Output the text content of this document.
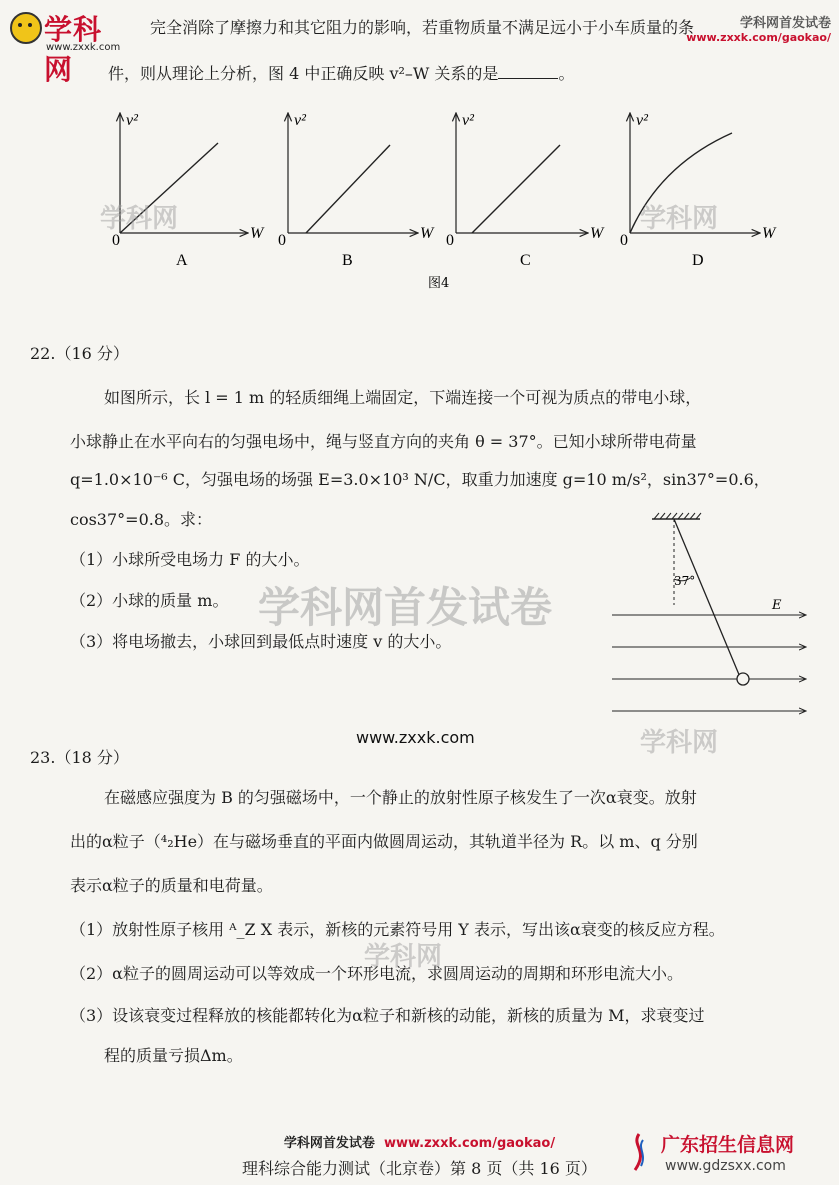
学科网
www.zxxk.com
学科网首发试卷
www.zxxk.com/gaokao/
完全消除了摩擦力和其它阻力的影响，若重物质量不满足远小于小车质量的条
件，则从理论上分析，图 4 中正确反映 v²–W 关系的是	。
v²
W
0
A
v²
W
0
B
v²
W
0
C
v²
W
0
D
图4
22.（16 分）
如图所示，长 l = 1 m 的轻质细绳上端固定，下端连接一个可视为质点的带电小球，
小球静止在水平向右的匀强电场中，绳与竖直方向的夹角 θ = 37°。已知小球所带电荷量
q=1.0×10⁻⁶ C，匀强电场的场强 E=3.0×10³ N/C，取重力加速度 g=10 m/s²，sin37°=0.6，
cos37°=0.8。求：
（1）小球所受电场力 F 的大小。
（2）小球的质量 m。
（3）将电场撤去，小球回到最低点时速度 v 的大小。
37°
E
23.（18 分）
在磁感应强度为 B 的匀强磁场中，一个静止的放射性原子核发生了一次α衰变。放射
出的α粒子（⁴₂He）在与磁场垂直的平面内做圆周运动，其轨道半径为 R。以 m、q 分别
表示α粒子的质量和电荷量。
（1）放射性原子核用 ᴬ_Z X 表示，新核的元素符号用 Y 表示，写出该α衰变的核反应方程。
（2）α粒子的圆周运动可以等效成一个环形电流，求圆周运动的周期和环形电流大小。
（3）设该衰变过程释放的核能都转化为α粒子和新核的动能，新核的质量为 M，求衰变过
程的质量亏损Δm。
学科网首发试卷
www.zxxk.com
学科网	学科网
学科网
学科网
学科网首发试卷 www.zxxk.com/gaokao/
理科综合能力测试（北京卷）第 8 页（共 16 页）
广东招生信息网
www.gdzsxx.com
